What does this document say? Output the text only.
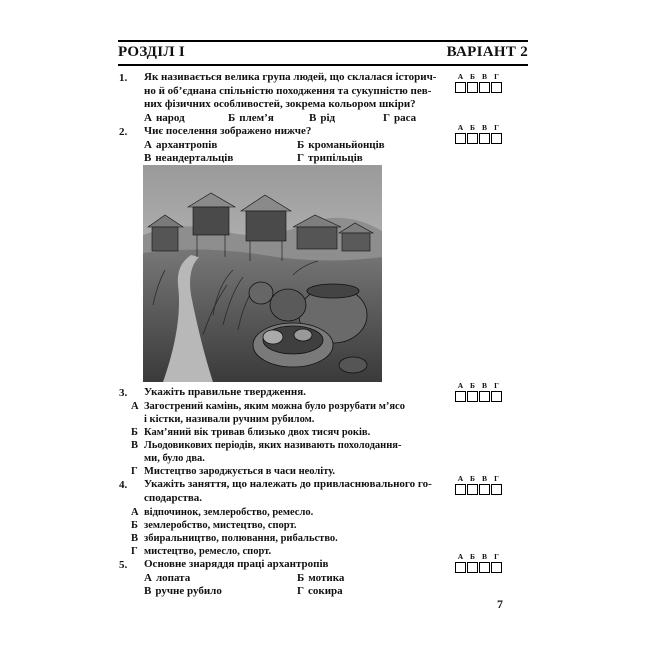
РОЗДІЛ І	ВАРІАНТ 2
1. Як називається велика група людей, що склалася історич-
но й об’єднана спільністю походження та сукупністю пев-
них фізичних особливостей, зокрема кольором шкіри?
А народ	Б плем’я	В рід	Г раса
А Б В Г
2. Чиє поселення зображено нижче?
А архантропів	Б кроманьйонців
В неандертальців	Г трипільців
А Б В Г
3. Укажіть правильне твердження.
А Загострений камінь, яким можна було розрубати м’ясо
і кістки, називали ручним рубилом.
Б Кам’яний вік тривав близько двох тисяч років.
В Льодовикових періодів, яких називають похолодання-
ми, було два.
Г Мистецтво зароджується в часи неоліту.
А Б В Г
4. Укажіть заняття, що належать до привласнювального го-
сподарства.
А відпочинок, землеробство, ремесло.
Б землеробство, мистецтво, спорт.
В збиральництво, полювання, рибальство.
Г мистецтво, ремесло, спорт.
А Б В Г
5. Основне знаряддя праці архантропів
А лопата	Б мотика
В ручне рубило	Г сокира
А Б В Г
7
